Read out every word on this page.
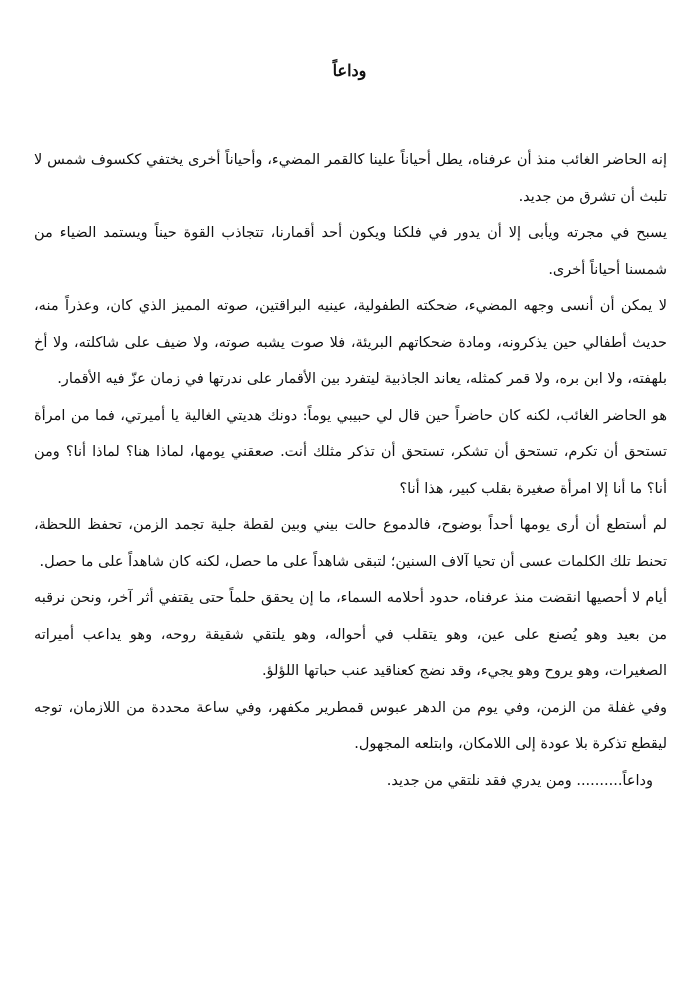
وداعاً

إنه الحاضر الغائب منذ أن عرفناه، يطل أحياناً علينا كالقمر المضيء، وأحياناً أخرى يختفي ككسوف شمس لا تلبث أن تشرق من جديد.

يسبح في مجرته ويأبى إلا أن يدور في فلكنا ويكون أحد أقمارنا، تتجاذب القوة حيناً ويستمد الضياء من شمسنا أحياناً أخرى.

لا يمكن أن أنسى وجهه المضيء، ضحكته الطفولية، عينيه البراقتين، صوته المميز الذي كان، وعذراً منه، حديث أطفالي حين يذكرونه، ومادة ضحكاتهم البريئة، فلا صوت يشبه صوته، ولا ضيف على شاكلته، ولا أخ بلهفته، ولا ابن بره، ولا قمر كمثله، يعاند الجاذبية ليتفرد بين الأقمار على ندرتها في زمان عزّ فيه الأقمار.

هو الحاضر الغائب، لكنه كان حاضراً حين قال لي حبيبي يوماً: دونك هديتي الغالية يا أميرتي، فما من امرأة تستحق أن تكرم، تستحق أن تشكر، تستحق أن تذكر مثلك أنت. صعقني يومها، لماذا هنا؟ لماذا أنا؟ ومن أنا؟ ما أنا إلا امرأة صغيرة بقلب كبير، هذا أنا؟

لم أستطع أن أرى يومها أحداً بوضوح، فالدموع حالت بيني وبين لقطة جلية تجمد الزمن، تحفظ اللحظة، تحنط تلك الكلمات عسى أن تحيا آلاف السنين؛ لتبقى شاهداً على ما حصل، لكنه كان شاهداً على ما حصل.

أيام لا أحصيها انقضت منذ عرفناه، حدود أحلامه السماء، ما إن يحقق حلماً حتى يقتفي أثر آخر، ونحن نرقبه من بعيد وهو يُصنع على عين، وهو يتقلب في أحواله، وهو يلتقي شقيقة روحه، وهو يداعب أميراته الصغيرات، وهو يروح وهو يجيء، وقد نضج كعناقيد عنب حباتها اللؤلؤ.

وفي غفلة من الزمن، وفي يوم من الدهر عبوس قمطرير مكفهر، وفي ساعة محددة من اللازمان، توجه ليقطع تذكرة بلا عودة إلى اللامكان، وابتلعه المجهول.

وداعاً.......... ومن يدري فقد نلتقي من جديد.
